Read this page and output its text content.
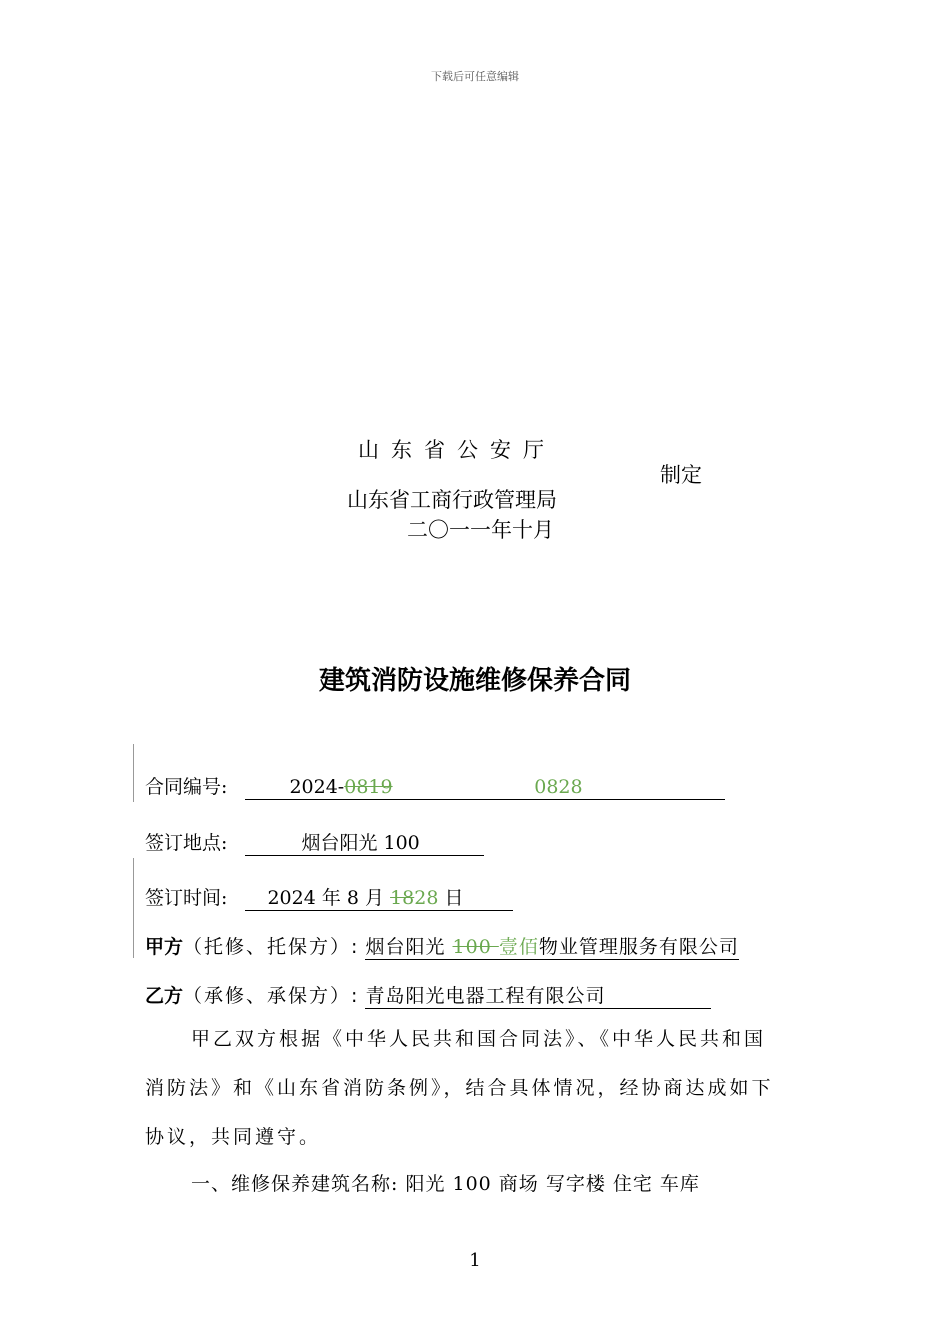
下载后可任意编辑
山东省公安厅
山东省工商行政管理局
二〇一一年十月
制定
建筑消防设施维修保养合同
合同编号:	2024-0819	0828
签订地点:	烟台阳光 100
签订时间: 2024 年 8 月 1828 日
甲方（托修、托保方）: 烟台阳光 100 壹佰物业管理服务有限公司
乙方（承修、承保方）: 青岛阳光电器工程有限公司
甲乙双方根据《中华人民共和国合同法》、《中华人民共和国
消防法》和《山东省消防条例》，结合具体情况，经协商达成如下
协议，共同遵守。
一、维修保养建筑名称: 阳光 100 商场 写字楼 住宅 车库
1
